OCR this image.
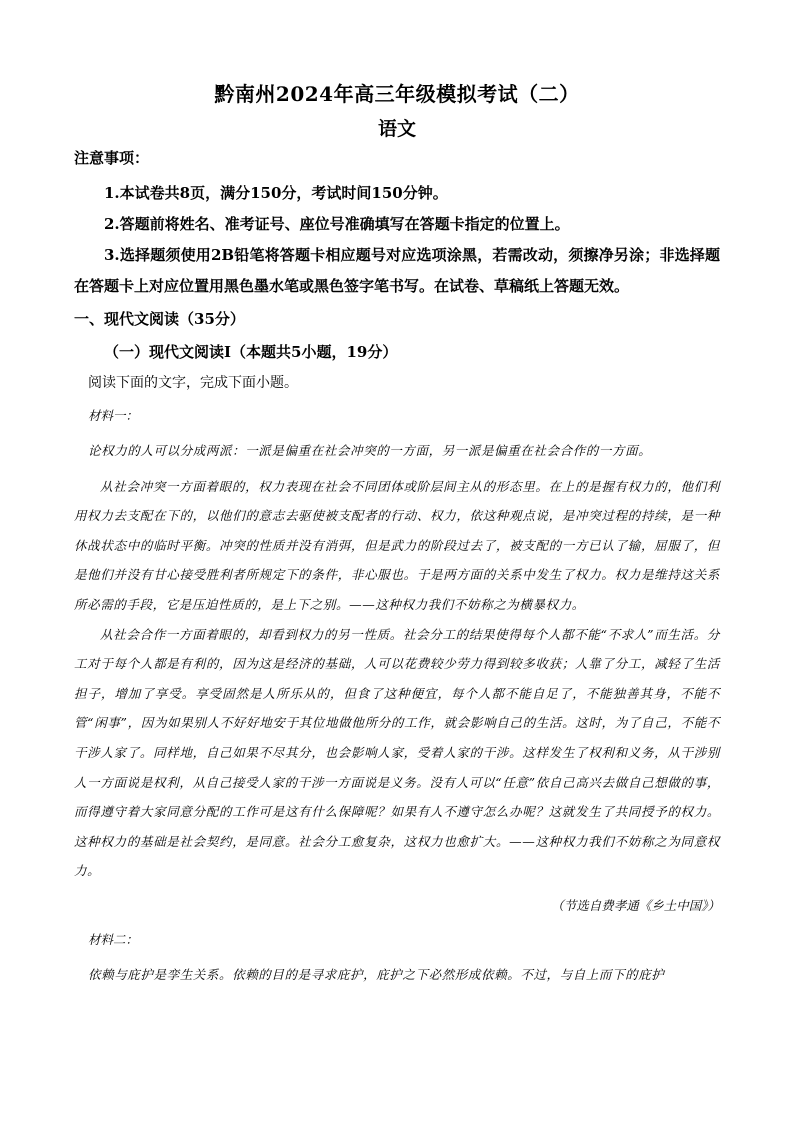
黔南州2024年高三年级模拟考试（二）
语文
注意事项：

1.本试卷共8页，满分150分，考试时间150分钟。

2.答题前将姓名、准考证号、座位号准确填写在答题卡指定的位置上。

3.选择题须使用2B铅笔将答题卡相应题号对应选项涂黑，若需改动，须擦净另涂；非选择题在答题卡上对应位置用黑色墨水笔或黑色签字笔书写。在试卷、草稿纸上答题无效。

一、现代文阅读（35分）
（一）现代文阅读I（本题共5小题，19分）
阅读下面的文字，完成下面小题。
材料一：

论权力的人可以分成两派：一派是偏重在社会冲突的一方面，另一派是偏重在社会合作的一方面。

从社会冲突一方面着眼的，权力表现在社会不同团体或阶层间主从的形态里。在上的是握有权力的，他们利用权力去支配在下的，以他们的意志去驱使被支配者的行动、权力，依这种观点说，是冲突过程的持续，是一种休战状态中的临时平衡。冲突的性质并没有消弭，但是武力的阶段过去了，被支配的一方已认了输，屈服了，但是他们并没有甘心接受胜利者所规定下的条件，非心服也。于是两方面的关系中发生了权力。权力是维持这关系所必需的手段，它是压迫性质的，是上下之别。——这种权力我们不妨称之为横暴权力。

从社会合作一方面着眼的，却看到权力的另一性质。社会分工的结果使得每个人都不能“不求人”而生活。分工对于每个人都是有利的，因为这是经济的基础，人可以花费较少劳力得到较多收获；人靠了分工，减轻了生活担子，增加了享受。享受固然是人所乐从的，但食了这种便宜，每个人都不能自足了，不能独善其身，不能不管“闲事”，因为如果别人不好好地安于其位地做他所分的工作，就会影响自己的生活。这时，为了自己，不能不干涉人家了。同样地，自己如果不尽其分，也会影响人家，受着人家的干涉。这样发生了权利和义务，从干涉别人一方面说是权利，从自己接受人家的干涉一方面说是义务。没有人可以“任意”依自己高兴去做自己想做的事，而得遵守着大家同意分配的工作可是这有什么保障呢？如果有人不遵守怎么办呢？这就发生了共同授予的权力。这种权力的基础是社会契约，是同意。社会分工愈复杂，这权力也愈扩大。——这种权力我们不妨称之为同意权力。

（节选自费孝通《乡土中国》）
材料二：

依赖与庇护是孪生关系。依赖的目的是寻求庇护，庇护之下必然形成依赖。不过，与自上而下的庇护
